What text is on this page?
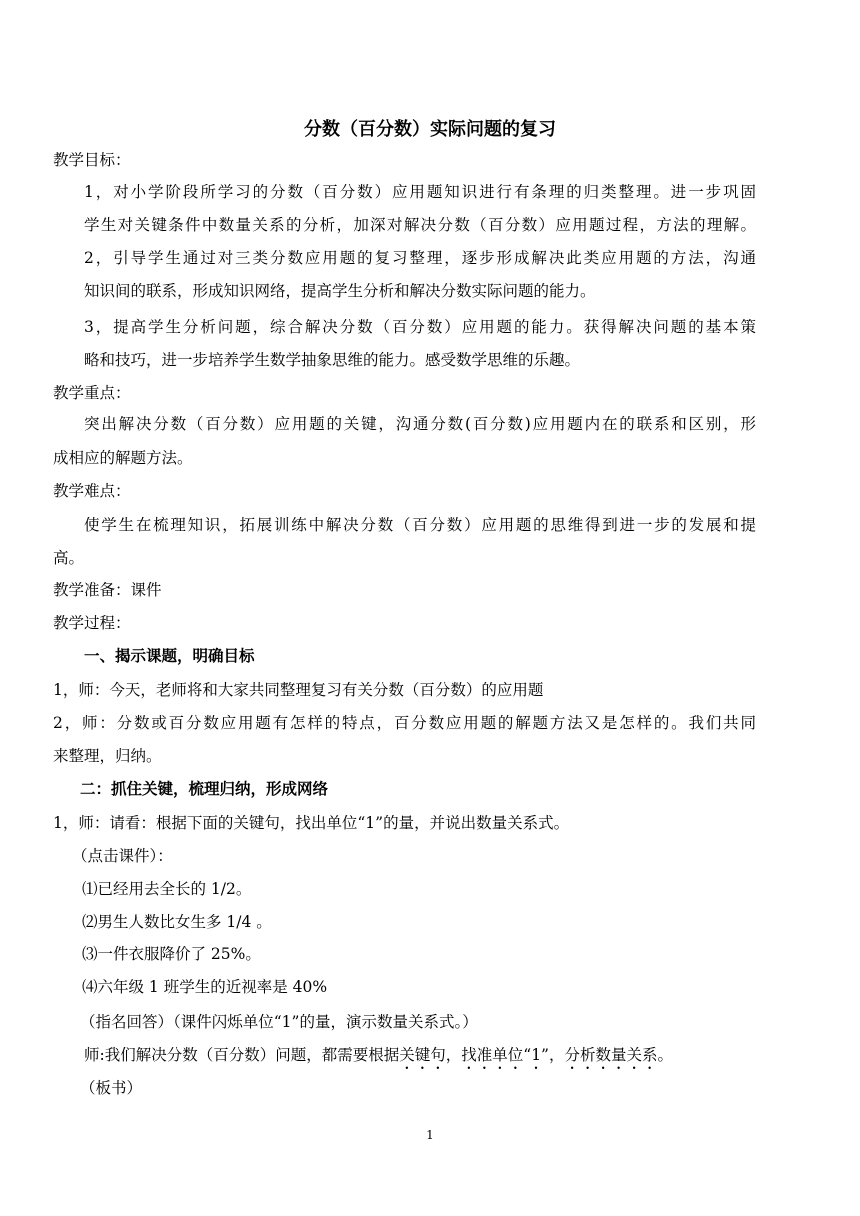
分数（百分数）实际问题的复习
教学目标：
1，对小学阶段所学习的分数（百分数）应用题知识进行有条理的归类整理。进一步巩固
学生对关键条件中数量关系的分析，加深对解决分数（百分数）应用题过程，方法的理解。
2，引导学生通过对三类分数应用题的复习整理，逐步形成解决此类应用题的方法，沟通
知识间的联系，形成知识网络，提高学生分析和解决分数实际问题的能力。
3，提高学生分析问题，综合解决分数（百分数）应用题的能力。获得解决问题的基本策
略和技巧，进一步培养学生数学抽象思维的能力。感受数学思维的乐趣。
教学重点：
突出解决分数（百分数）应用题的关键，沟通分数(百分数)应用题内在的联系和区别，形
成相应的解题方法。
教学难点：
使学生在梳理知识，拓展训练中解决分数（百分数）应用题的思维得到进一步的发展和提
高。
教学准备：课件
教学过程：
一、揭示课题，明确目标
1，师：今天，老师将和大家共同整理复习有关分数（百分数）的应用题
2，师：分数或百分数应用题有怎样的特点，百分数应用题的解题方法又是怎样的。我们共同
来整理，归纳。
二：抓住关键，梳理归纳，形成网络
1，师：请看：根据下面的关键句，找出单位“1”的量，并说出数量关系式。
（点击课件）：
⑴已经用去全长的 1/2。
⑵男生人数比女生多 1/4 。
⑶一件衣服降价了 25%。
⑷六年级 1 班学生的近视率是 40%
（指名回答）（课件闪烁单位“1”的量，演示数量关系式。）
师:我们解决分数（百分数）问题，都需要根据关键句，找准单位“1”，分析数量关系。
（板书）
1
